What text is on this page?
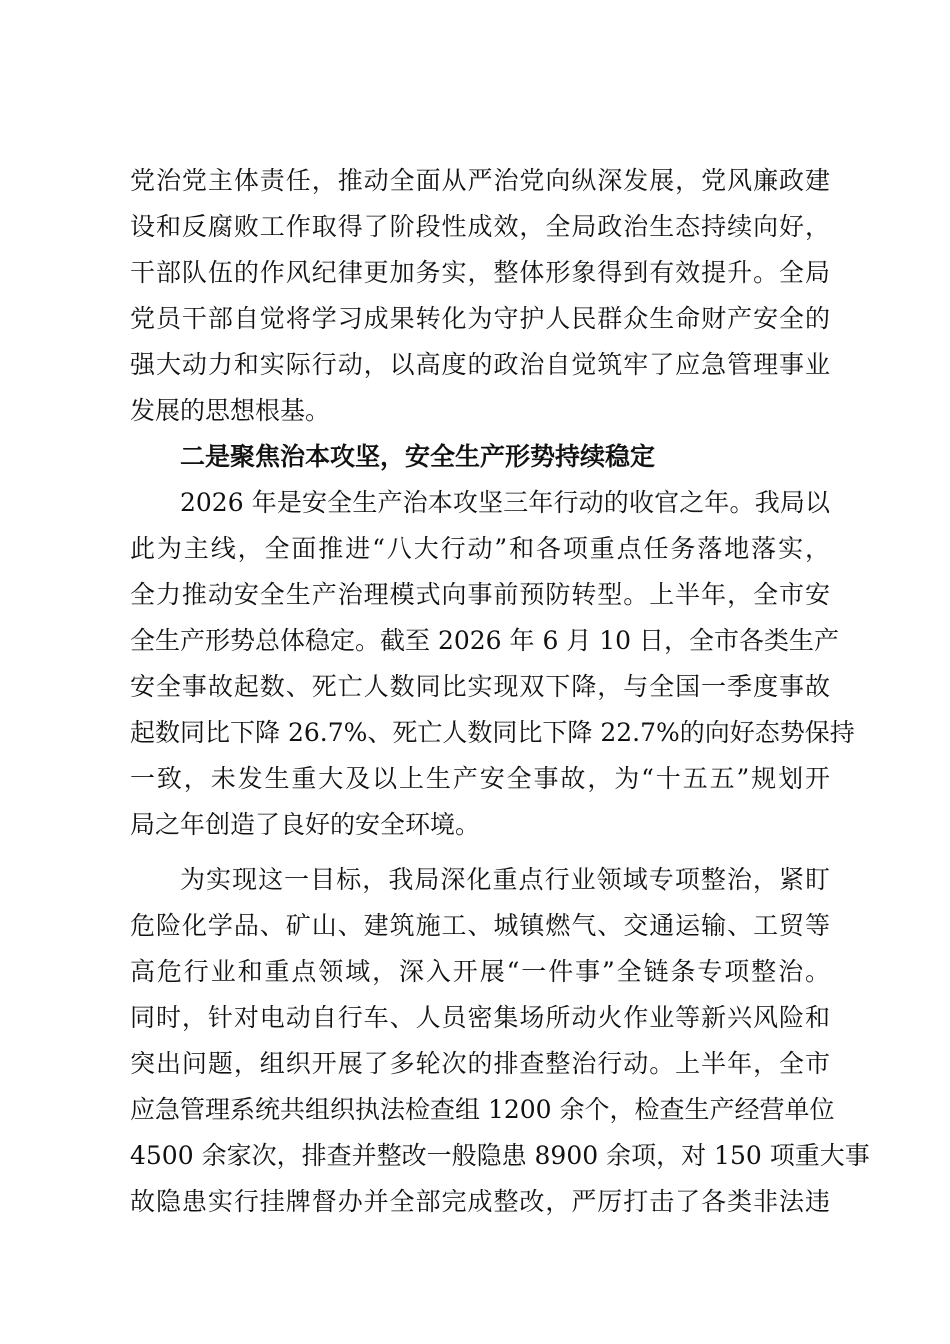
党治党主体责任，推动全面从严治党向纵深发展，党风廉政建
设和反腐败工作取得了阶段性成效，全局政治生态持续向好，
干部队伍的作风纪律更加务实，整体形象得到有效提升。全局
党员干部自觉将学习成果转化为守护人民群众生命财产安全的
强大动力和实际行动，以高度的政治自觉筑牢了应急管理事业
发展的思想根基。
二是聚焦治本攻坚，安全生产形势持续稳定
2026 年是安全生产治本攻坚三年行动的收官之年。我局以
此为主线，全面推进“八大行动”和各项重点任务落地落实，
全力推动安全生产治理模式向事前预防转型。上半年，全市安
全生产形势总体稳定。截至 2026 年 6 月 10 日，全市各类生产
安全事故起数、死亡人数同比实现双下降，与全国一季度事故
起数同比下降 26.7%、死亡人数同比下降 22.7%的向好态势保持
一致，未发生重大及以上生产安全事故，为“十五五”规划开
局之年创造了良好的安全环境。
为实现这一目标，我局深化重点行业领域专项整治，紧盯
危险化学品、矿山、建筑施工、城镇燃气、交通运输、工贸等
高危行业和重点领域，深入开展“一件事”全链条专项整治。
同时，针对电动自行车、人员密集场所动火作业等新兴风险和
突出问题，组织开展了多轮次的排查整治行动。上半年，全市
应急管理系统共组织执法检查组 1200 余个，检查生产经营单位
4500 余家次，排查并整改一般隐患 8900 余项，对 150 项重大事
故隐患实行挂牌督办并全部完成整改，严厉打击了各类非法违
